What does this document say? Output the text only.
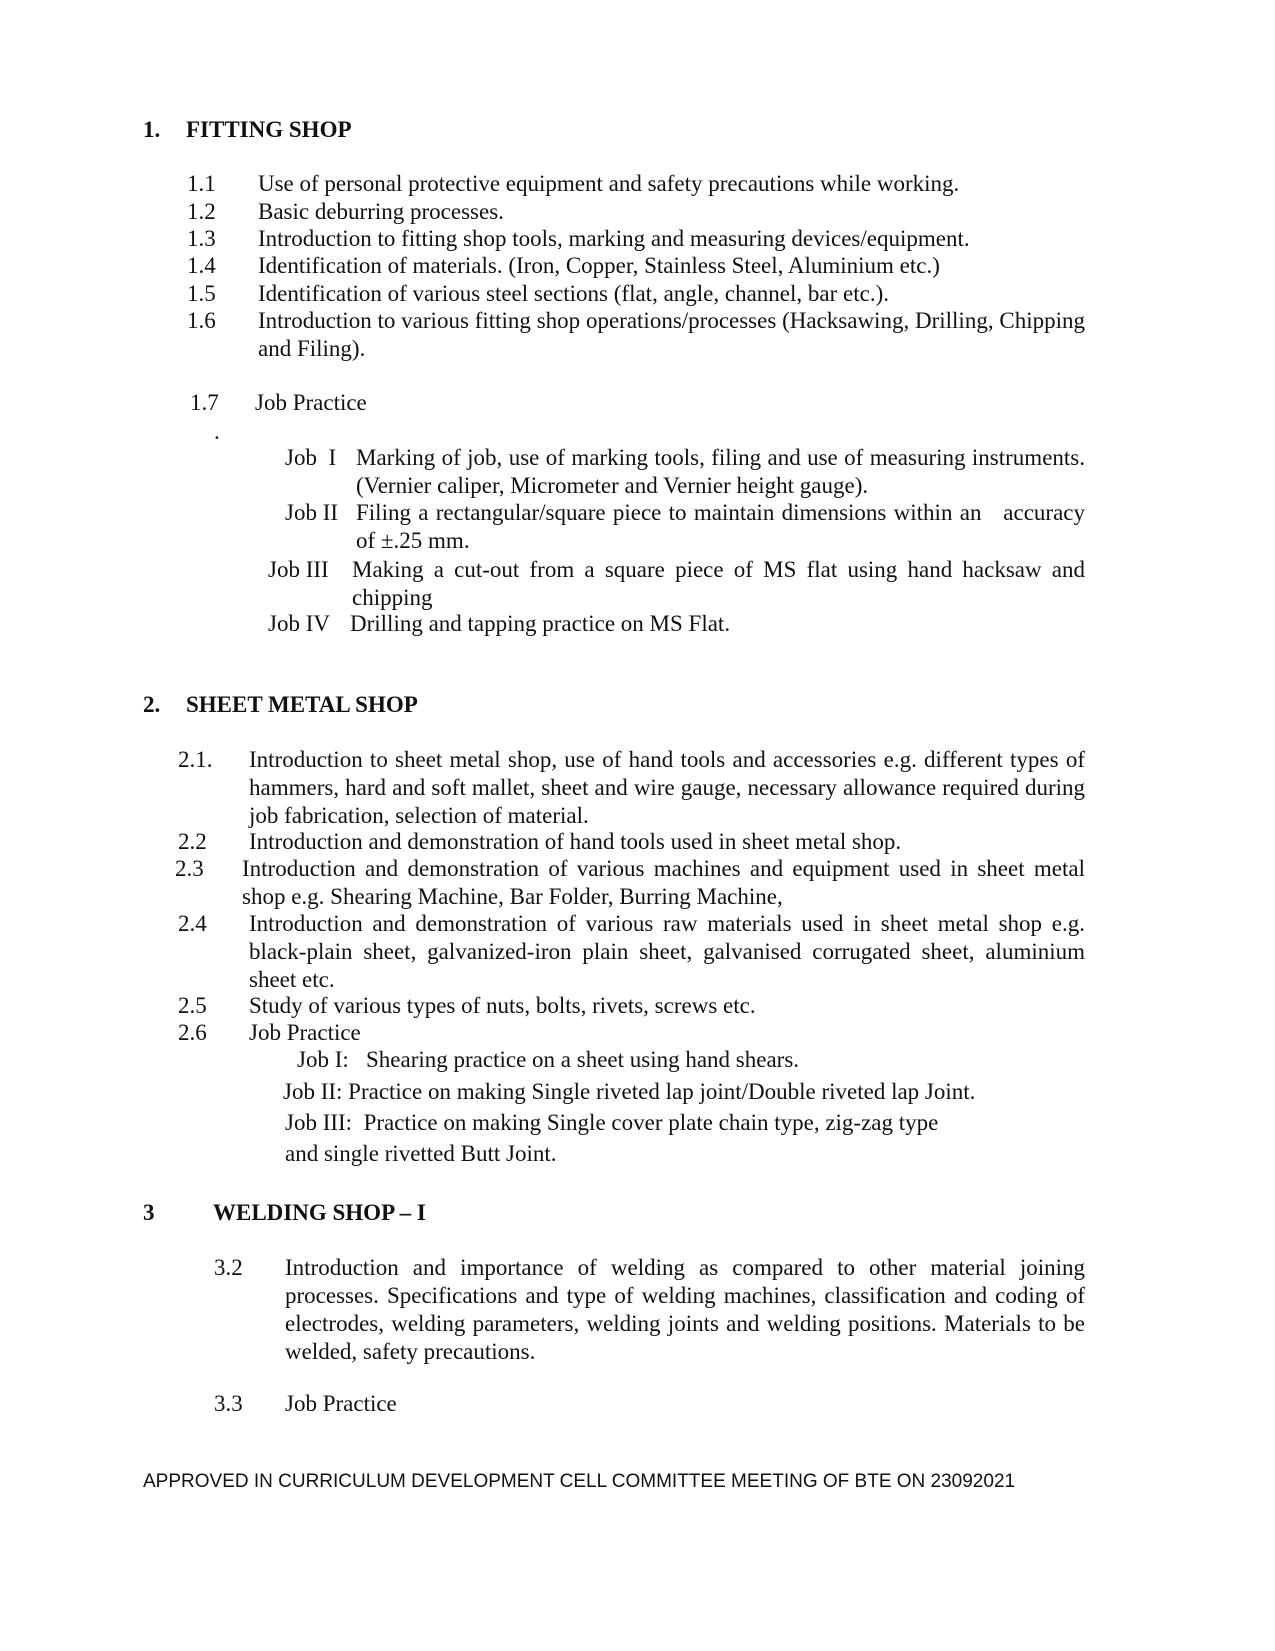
1. FITTING SHOP
1.1 Use of personal protective equipment and safety precautions while working.
1.2 Basic deburring processes.
1.3 Introduction to fitting shop tools, marking and measuring devices/equipment.
1.4 Identification of materials. (Iron, Copper, Stainless Steel, Aluminium etc.)
1.5 Identification of various steel sections (flat, angle, channel, bar etc.).
1.6 Introduction to various fitting shop operations/processes (Hacksawing, Drilling, Chipping and Filing).
1.7 Job Practice
.
Job  I Marking of job, use of marking tools, filing and use of measuring instruments. (Vernier caliper, Micrometer and Vernier height gauge).
Job II Filing a rectangular/square piece to maintain dimensions within an   accuracy of ±.25 mm.
Job III Making a cut-out from a square piece of MS flat using hand hacksaw and chipping
Job IV Drilling and tapping practice on MS Flat.
2. SHEET METAL SHOP
2.1. Introduction to sheet metal shop, use of hand tools and accessories e.g. different types of hammers, hard and soft mallet, sheet and wire gauge, necessary allowance required during job fabrication, selection of material.
2.2 Introduction and demonstration of hand tools used in sheet metal shop.
2.3 Introduction and demonstration of various machines and equipment used in sheet metal shop e.g. Shearing Machine, Bar Folder, Burring Machine,
2.4 Introduction and demonstration of various raw materials used in sheet metal shop e.g. black-plain sheet, galvanized-iron plain sheet, galvanised corrugated sheet, aluminium sheet etc.
2.5 Study of various types of nuts, bolts, rivets, screws etc.
2.6 Job Practice
Job I:   Shearing practice on a sheet using hand shears.
Job II: Practice on making Single riveted lap joint/Double riveted lap Joint.
Job III:  Practice on making Single cover plate chain type, zig-zag type
and single rivetted Butt Joint.
3	WELDING SHOP – I
3.2 Introduction and importance of welding as compared to other material joining processes. Specifications and type of welding machines, classification and coding of electrodes, welding parameters, welding joints and welding positions. Materials to be welded, safety precautions.
3.3 Job Practice
APPROVED IN CURRICULUM DEVELOPMENT CELL COMMITTEE MEETING OF BTE ON 23092021
